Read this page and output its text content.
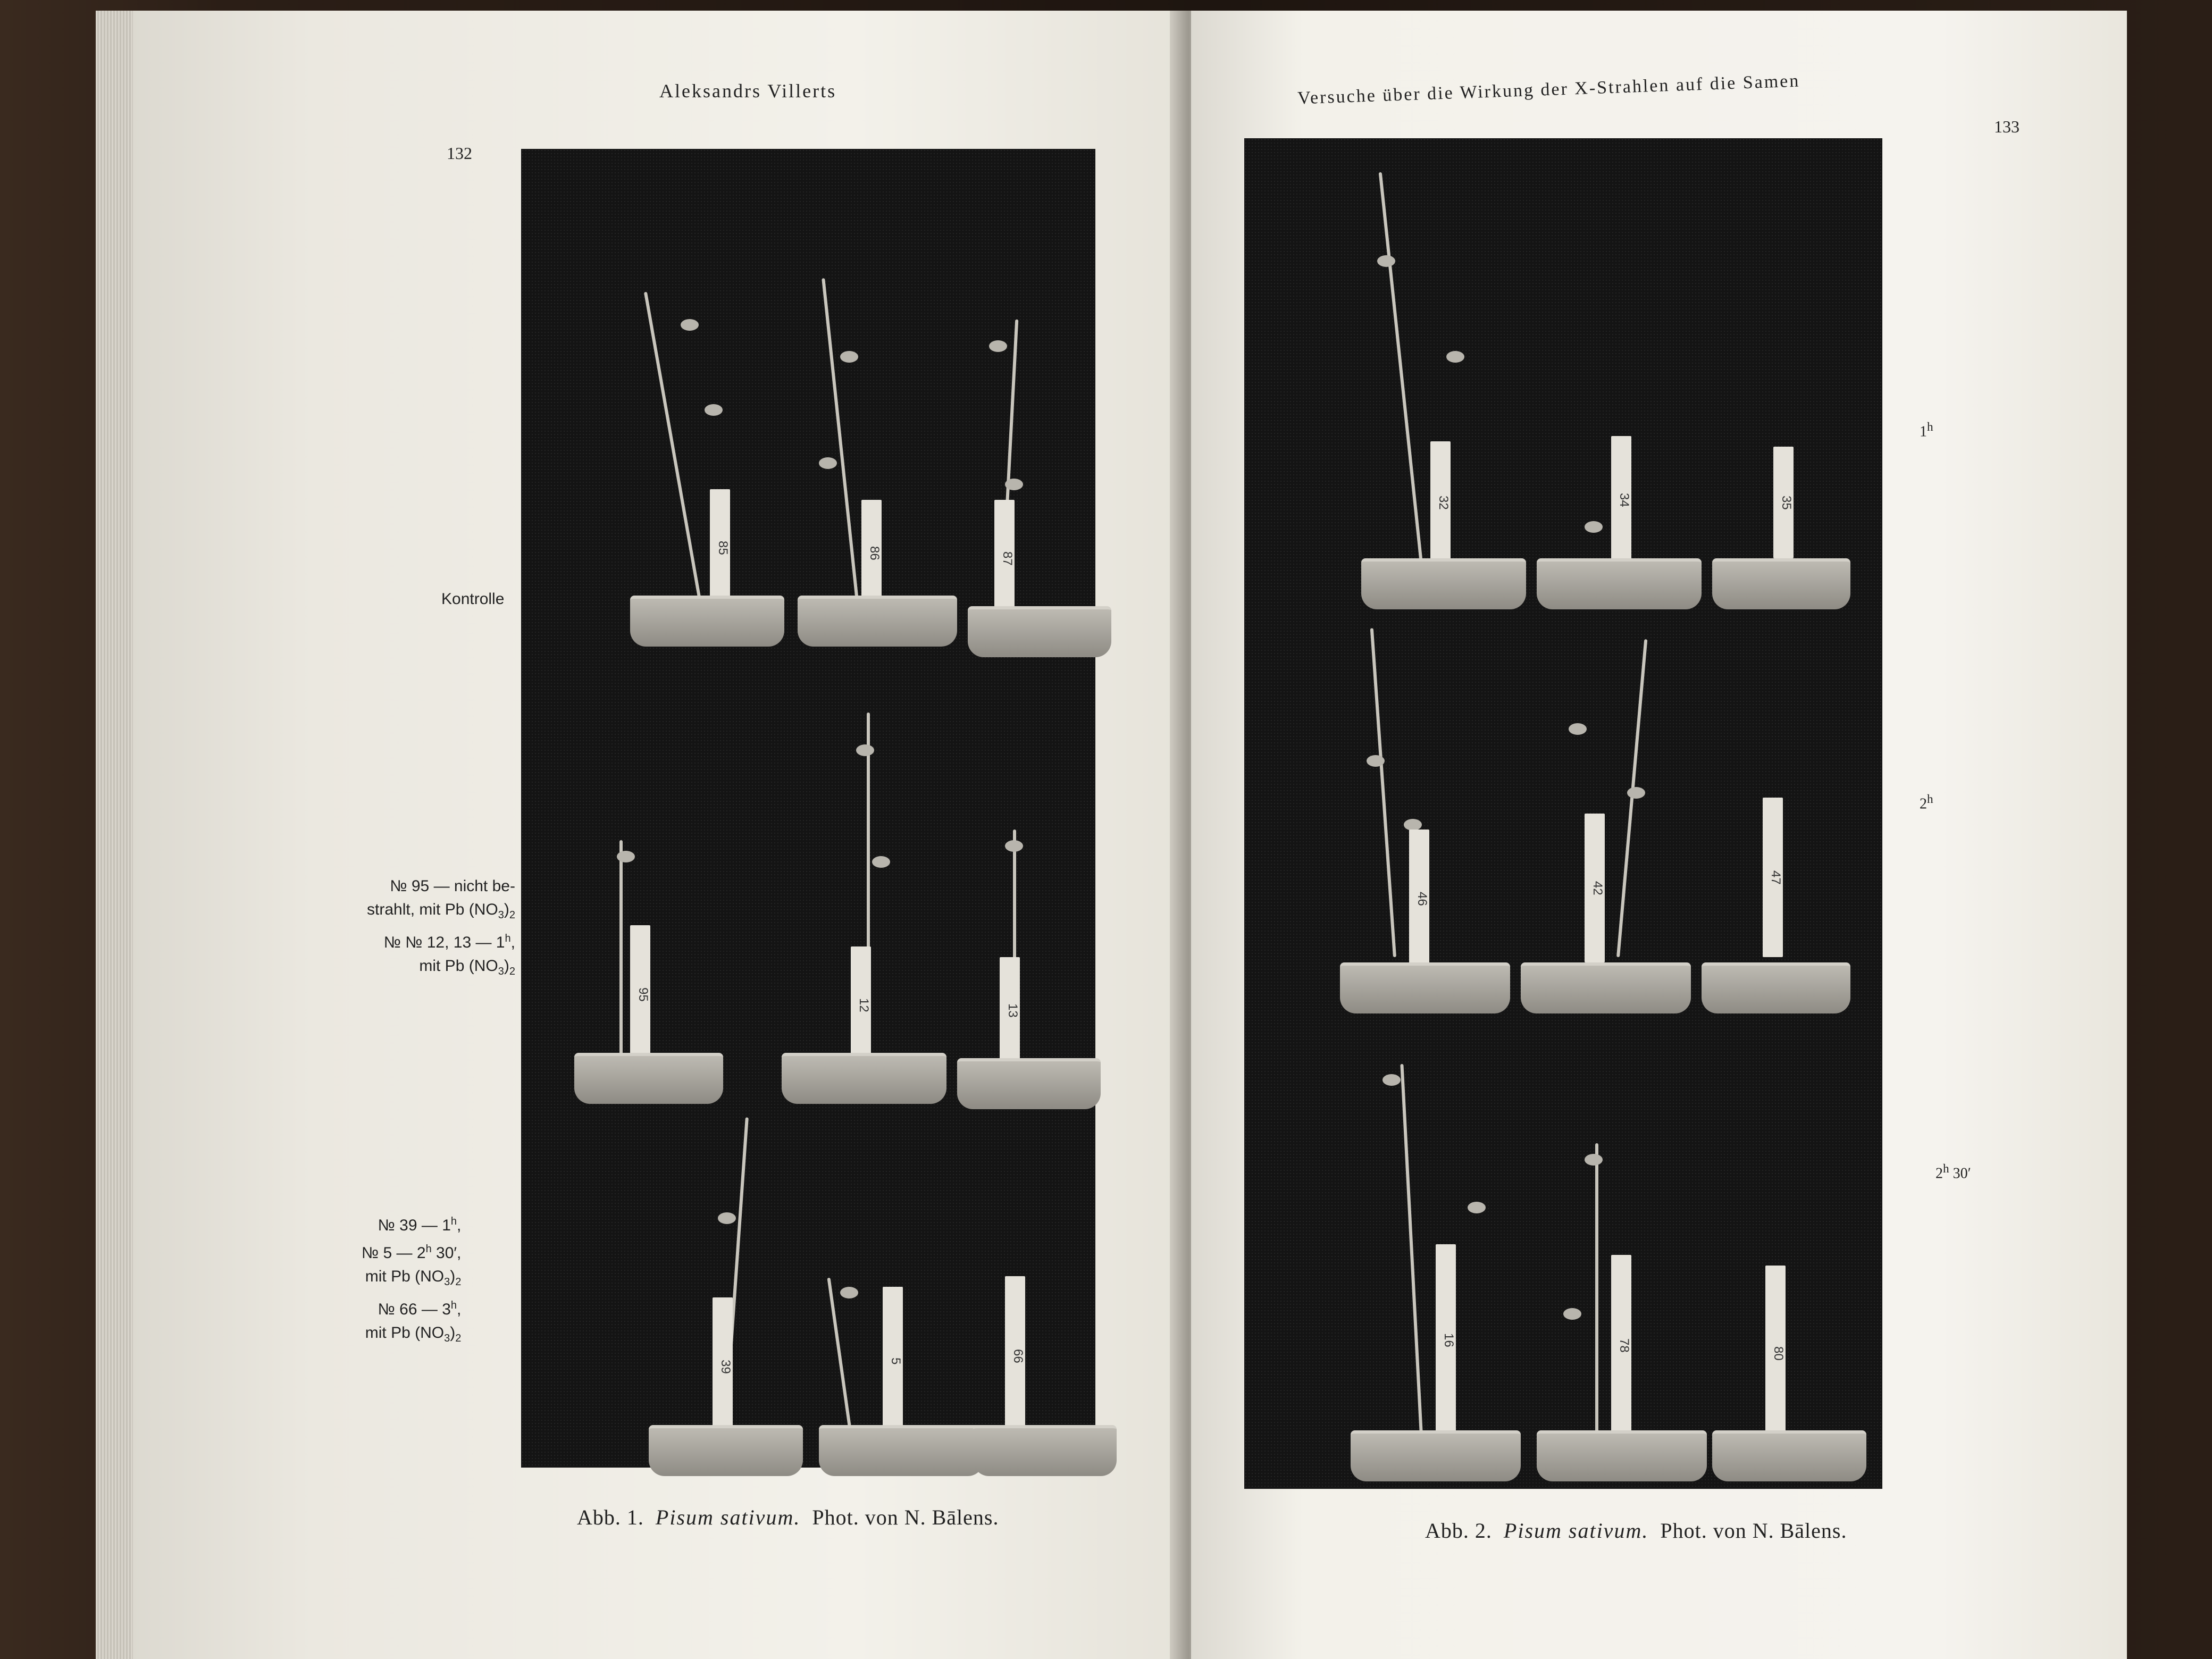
Aleksandrs Villerts
132
Kontrolle
№ 95 — nicht be-
strahlt, mit Pb $(NO_3)_2$
№ № 12, 13 — 1$^h$,
mit Pb $(NO_3)_2$
№ 39 — 1$^h$,
№ 5 — 2$^h$ 30′,
mit Pb $(NO_3)_2$
№ 66 — 3$^h$,
mit Pb $(NO_3)_2$
85	86	87
95
12	13
39	5	66
Abb. 1. Pisum sativum. Phot. von N. Bālens.
Versuche über die Wirkung der X-Strahlen auf die Samen
133
1$^h$
2$^h$
2$^h$ 30′
32	34	35
46
42
47
16	78
80
Abb. 2. Pisum sativum. Phot. von N. Bālens.
